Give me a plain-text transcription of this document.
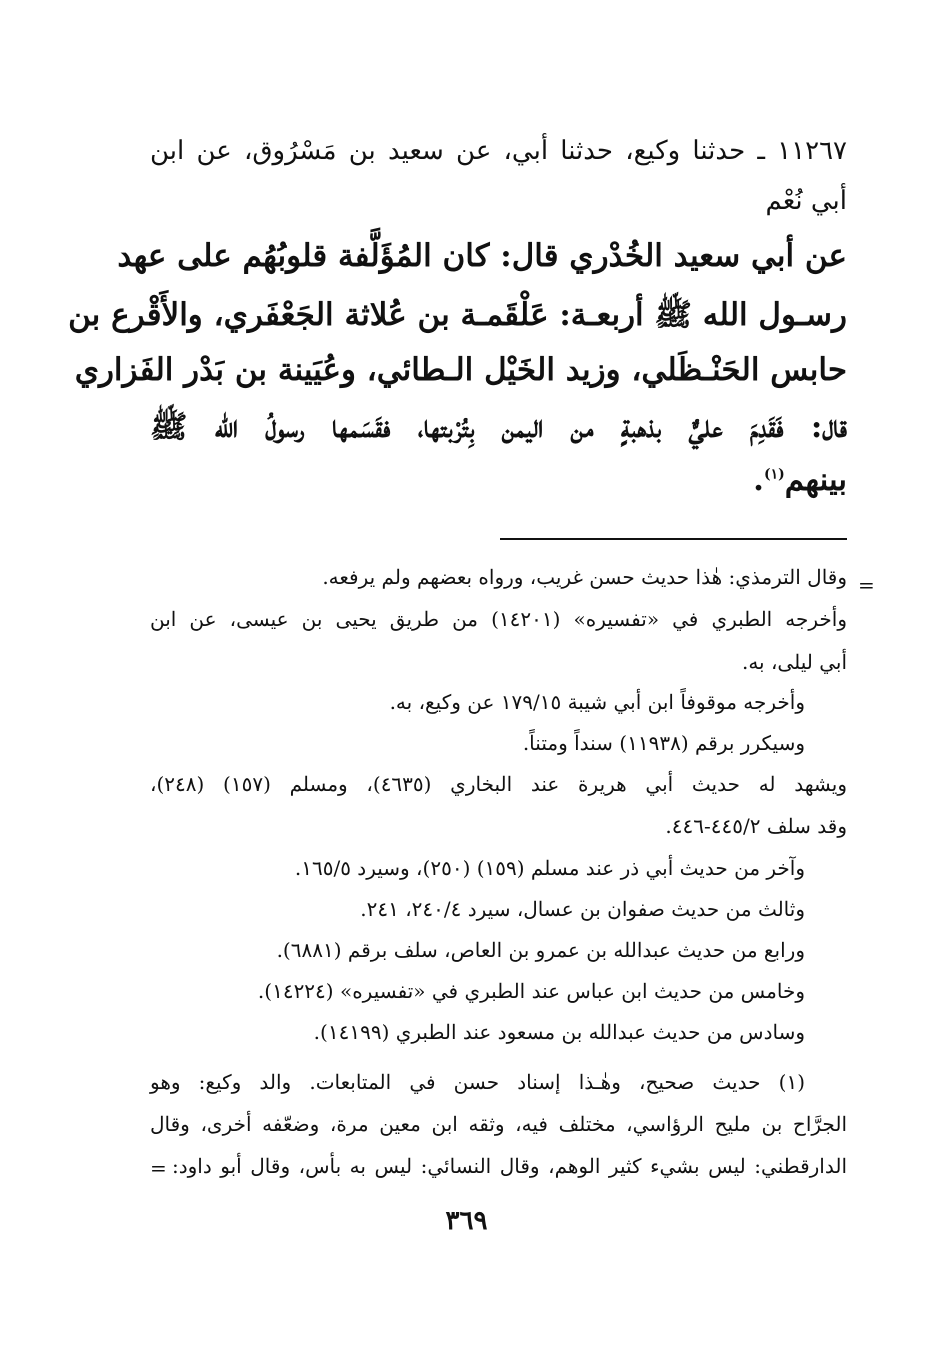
١١٢٦٧ ـ حدثنا وكيع، حدثنا أبي، عن سعيد بن مَسْرُوق، عن ابن
أبي نُعْم
عن أبي سعيد الخُدْري قال: كان المُؤَلَّفة قلوبُهُم على عهد
رسـول الله ﷺ أربعـة: عَلْقَمـة بن عُلاثة الجَعْفَري، والأَقْرع بن
حابس الحَنْـظَلي، وزيد الخَيْل الـطائي، وعُيَينة بن بَدْر الفَزاري
قال: فَقَدِمَ عليٌّ بذهبةٍ من اليمن بِتُرْبتها، فقَسَمها رسولُ الله ﷺ
بينهم$^{(١)}$.
=
وقال الترمذي: هٰذا حديث حسن غريب، ورواه بعضهم ولم يرفعه.
وأخرجه الطبري في «تفسيره» (١٤٢٠١) من طريق يحيى بن عيسى، عن ابن
أبي ليلى، به.
وأخرجه موقوفاً ابن أبي شيبة ١٧٩/١٥ عن وكيع، به.
وسيكرر برقم (١١٩٣٨) سنداً ومتناً.
ويشهد له حديث أبي هريرة عند البخاري (٤٦٣٥)، ومسلم (١٥٧) (٢٤٨)،
وقد سلف ٤٤٥/٢-٤٤٦.
وآخر من حديث أبي ذر عند مسلم (١٥٩) (٢٥٠)، وسيرد ١٦٥/٥.
وثالث من حديث صفوان بن عسال، سيرد ٢٤٠/٤، ٢٤١.
ورابع من حديث عبدالله بن عمرو بن العاص، سلف برقم (٦٨٨١).
وخامس من حديث ابن عباس عند الطبري في «تفسيره» (١٤٢٢٤).
وسادس من حديث عبدالله بن مسعود عند الطبري (١٤١٩٩).
(١) حديث صحيح، وهٰـذا إسناد حسن في المتابعات. والد وكيع: وهو
الجرَّاح بن مليح الرؤاسي، مختلف فيه، وثقه ابن معين مرة، وضعّفه أخرى، وقال
الدارقطني: ليس بشيء كثير الوهم، وقال النسائي: ليس به بأس، وقال أبو داود:
=
٣٦٩
